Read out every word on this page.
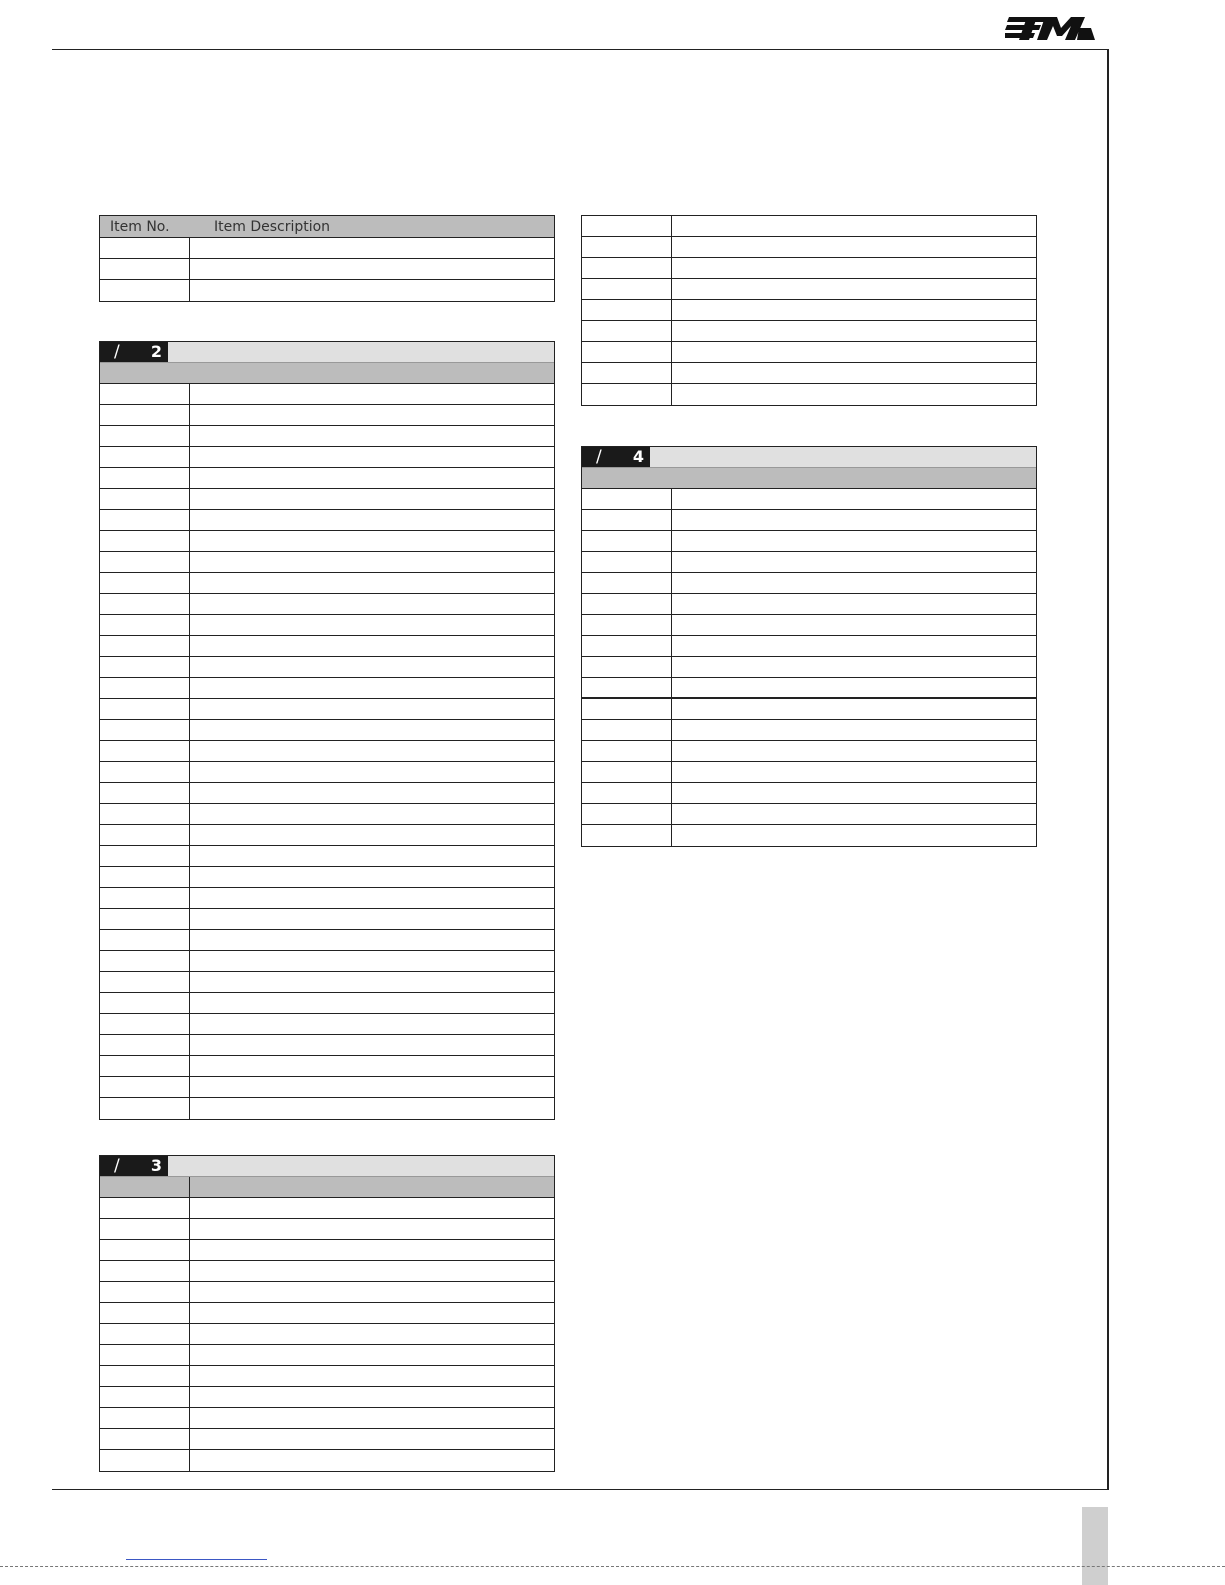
Item No.	Item Description
/ 2
/ 3
/ 4
